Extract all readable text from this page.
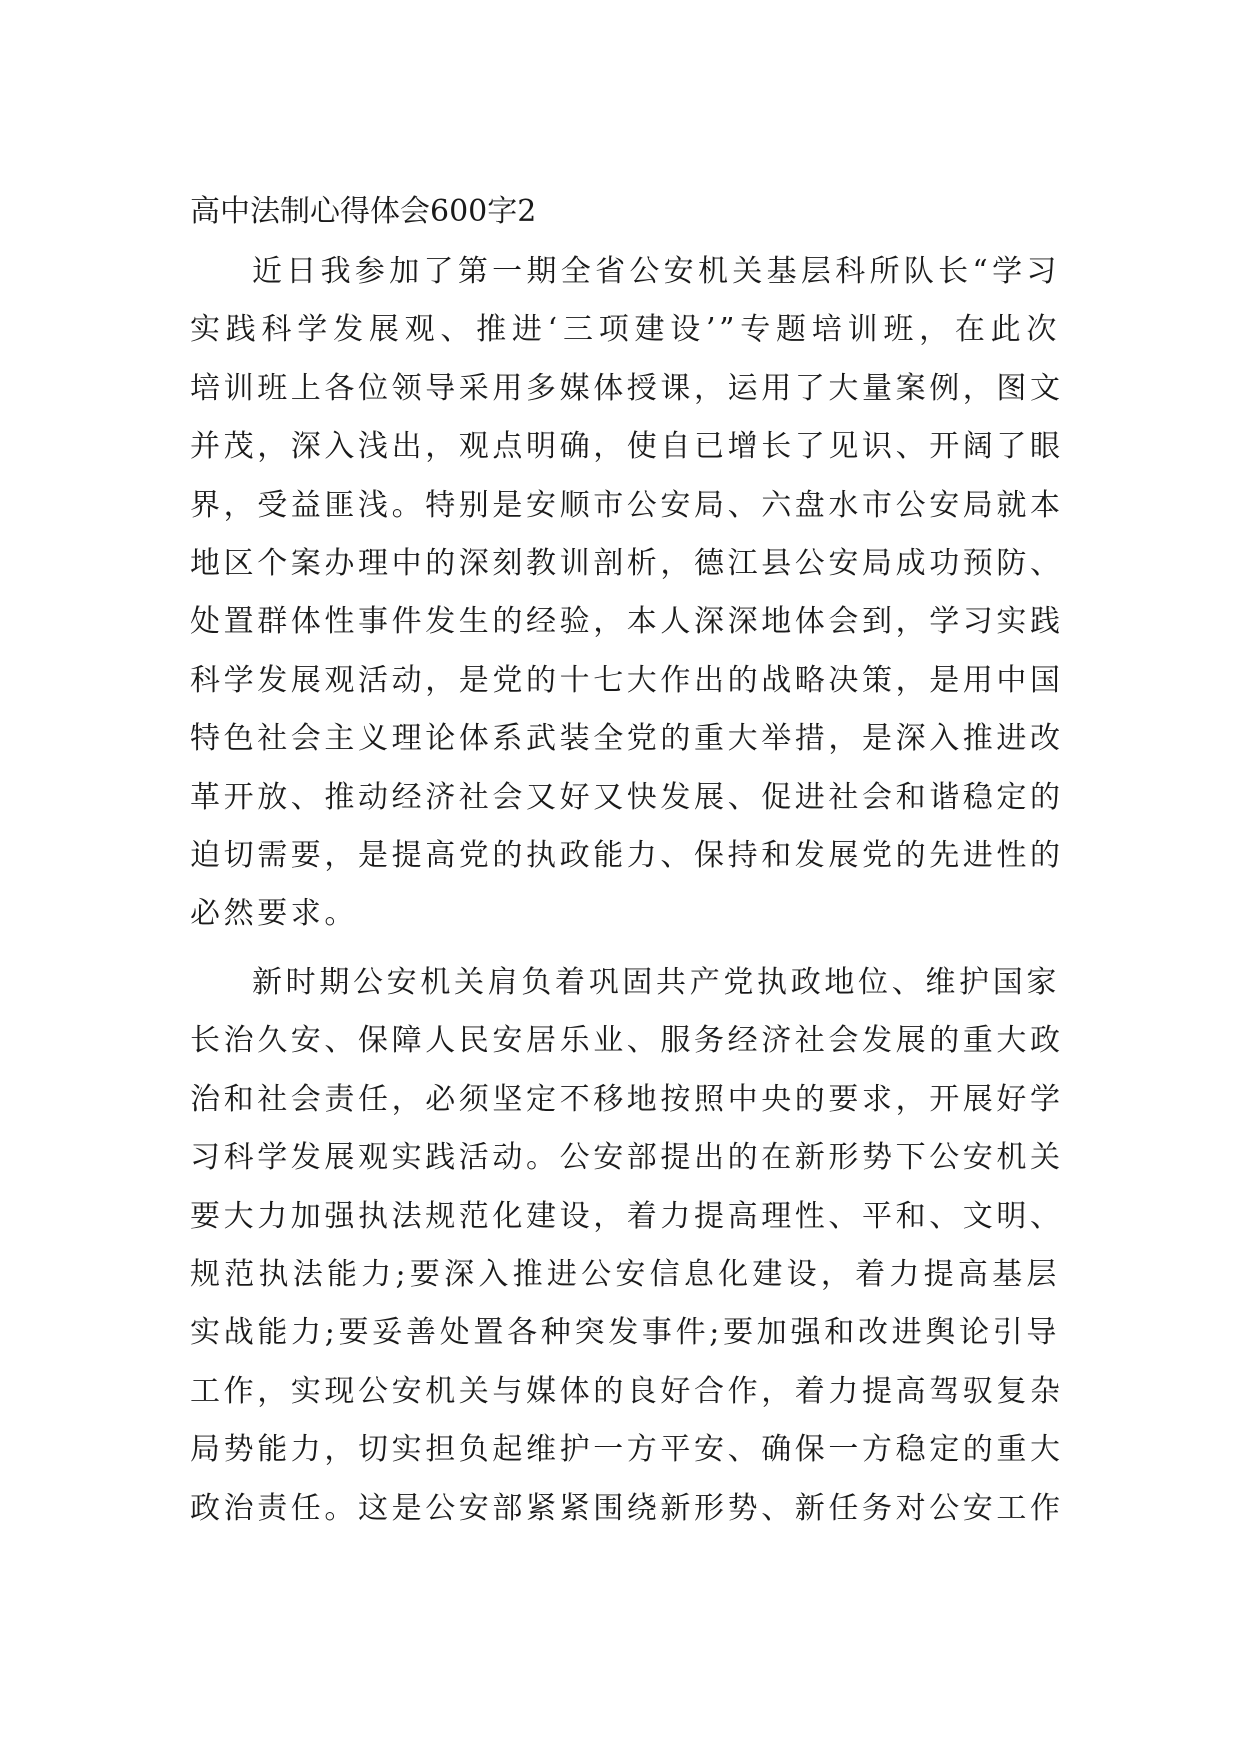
高中法制心得体会600字2
近日我参加了第一期全省公安机关基层科所队长“学习
实践科学发展观、推进‘三项建设’”专题培训班，在此次
培训班上各位领导采用多媒体授课，运用了大量案例，图文
并茂，深入浅出，观点明确，使自已增长了见识、开阔了眼
界，受益匪浅。特别是安顺市公安局、六盘水市公安局就本
地区个案办理中的深刻教训剖析，德江县公安局成功预防、
处置群体性事件发生的经验，本人深深地体会到，学习实践
科学发展观活动，是党的十七大作出的战略决策，是用中国
特色社会主义理论体系武装全党的重大举措，是深入推进改
革开放、推动经济社会又好又快发展、促进社会和谐稳定的
迫切需要，是提高党的执政能力、保持和发展党的先进性的
必然要求。
新时期公安机关肩负着巩固共产党执政地位、维护国家
长治久安、保障人民安居乐业、服务经济社会发展的重大政
治和社会责任，必须坚定不移地按照中央的要求，开展好学
习科学发展观实践活动。公安部提出的在新形势下公安机关
要大力加强执法规范化建设，着力提高理性、平和、文明、
规范执法能力;要深入推进公安信息化建设，着力提高基层
实战能力;要妥善处置各种突发事件;要加强和改进舆论引导
工作，实现公安机关与媒体的良好合作，着力提高驾驭复杂
局势能力，切实担负起维护一方平安、确保一方稳定的重大
政治责任。这是公安部紧紧围绕新形势、新任务对公安工作
